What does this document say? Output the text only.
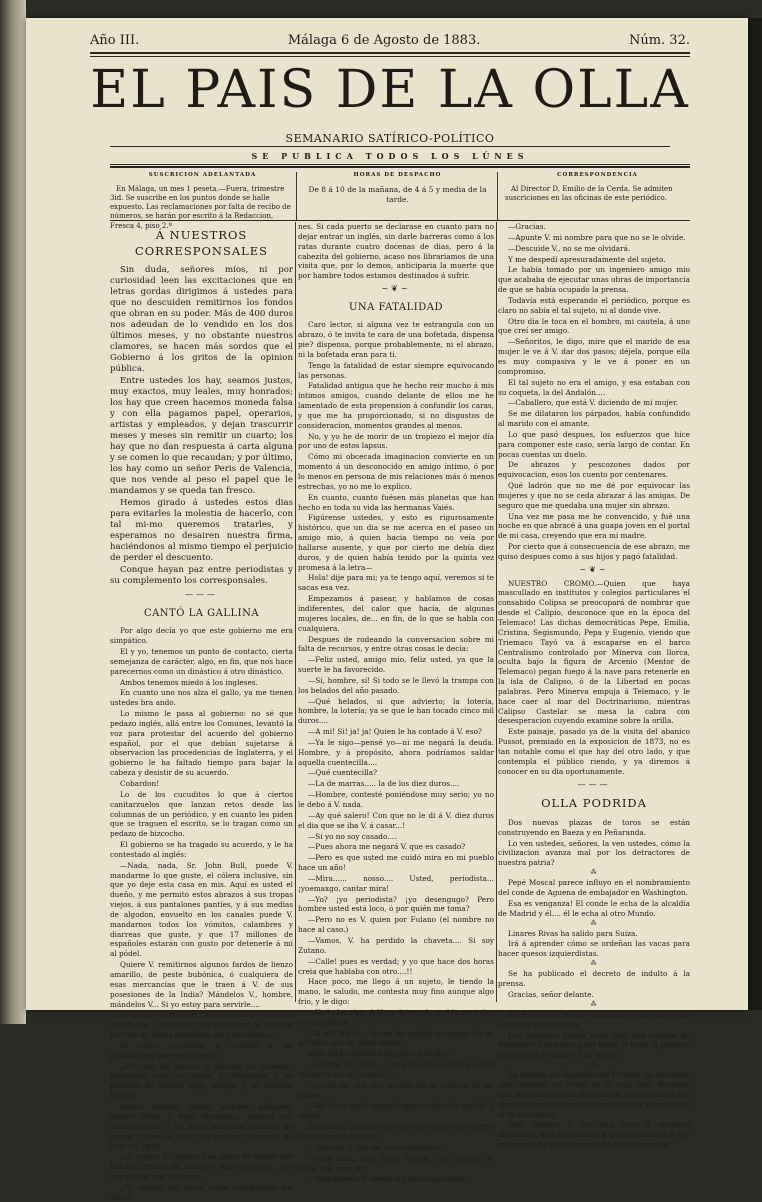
Año III.	Málaga 6 de Agosto de 1883.	Núm. 32.
EL PAIS DE LA OLLA
SEMANARIO SATÍRICO-POLÍTICO
SE PUBLICA TODOS LOS LÚNES
SUSCRICION ADELANTADA

En Málaga, un mes 1 peseta.—Fuera, trimestre 3id. Se suscribe en los puntos donde se halle expuesto. Las reclamaciones por falta de recibo de números, se harán por escrito á la Redaccion, Fresca 4, piso 2.º

HORAS DE DESPACHO

De 8 á 10 de la mañana, de 4 á 5 y media de la tarde.

CORRESPONDENCIA

Al Director D. Emilio de la Cerda. Se admiten suscriciones en las oficinas de este periódico.

Á NUESTROS CORRESPONSALES

Sin duda, señores míos, ni por curiosidad leen las excitaciones que en letras gordas dirigimos á ustedes para que no descuiden remitirnos los fondos que obran en su poder. Más de 400 duros nos adeudan de lo vendido en los dos últimos meses, y no obstante nuestros clamores, se hacen más sordos que el Gobierno á los gritos de la opinion pública.

Entre ustedes los hay, seamos justos, muy exactos, muy leales, muy honrados; los hay que creen hacemos moneda falsa y con ella pagamos papel, operarios, artistas y empleados, y dejan trascurrir meses y meses sin remitir un cuarto; los hay que no dan respuesta á carta alguna y se comen lo que recaudan; y por último, los hay como un señor Peris de Valencia, que nos vende al peso el papel que le mandamos y se queda tan fresco.

Hemos girado á ustedes estos dias para evitarles la molestia de hacerlo, con tal mi-mo queremos tratarles, y esperamos no desairen nuestra firma, haciéndonos al mismo tiempo el perjuicio de perder el descuento.

Conque hayan paz entre periodistas y su complemento los corresponsales.

———
CANTÓ LA GALLINA

Por algo decía yo que este gobierno me era simpático.

El y yo, tenemos un punto de contacto, cierta semejanza de carácter, algo, en fin, que nos hace parecernos como un dinástico á otro dinástico.

Ambos tenemos miedo á los ingleses.

En cuanto uno nos alza el gallo, ya me tienen ustedes bra ando.

Lo mismo le pasa al gobierno: no sé que pedazo inglés, allá entre los Comunes, levantó la voz para protestar del acuerdo del gobierno español, por el que debían sujetarse á observacion las procedencias de Inglaterra, y el gobierno le ha faltado tiempo para bajar la cabeza y desistir de su acuerdo.

Cobardon!

Lo de los cucuditos lo que á ciertos canitarzuelos que lanzan retos desde las columnas de un periódico, y en cuanto les piden que se traguen el escrito, se lo tragan como un pedazo de bizcocho.

El gobierno se ha tragado su acuerdo, y le ha contestado al inglés:

—Nada, nada, Sr. John Bull, puede V. mandarme lo que guste, el cólera inclusive, sin que yo deje esta casa en mis. Aquí es usted el dueño, y me permito estos abrazos á sus tropas viejos, á sus pantalones pantíes, y á sus medias de algodon, envuelto en los canales puede V. mandarnos todos los vómitos, calambres y diarreas que guste, y que 17 millones de españoles estarán con gusto por detenerle á mi al pódel.

Quiere V. remitirnos algunos fardos de lienzo amarillo, de peste bubónica, ó cualquiera de esas mercancías que le traen á V. de sus posesiones de la India? Mándelos V., hombre, mándelos V... Si yo estoy para servirle....

Y quien esto dice, acaso añada en nota reservada: —Con todo eso mándeme V. algunos tiercios de libras esterlinas para ayudarme....

Si señor, ayudarme á auxiliar á las poblaciones que voy á perder.

¿Es? que les parece á ustedes su gobierno fusionista, con su señor D. Práxedes y su ministro de Estado Vega Armijo, y su valiente Rocco?

Anden ustedes, anden ustedes, aplíquen, denles votos á esos diputados, apoyen sus candidaturas, y de seso crecemos ustedes de lenzos y dientes hacer sin repicar! Desquite de todo es. ¡qué!

Les regalo á ustedes una pieza de salero por familia, traída de Londres expresamente, con que es hoy que quejarse.

¿Vé usted? En estos casos comprendo los canto-

nes. Si cada puerto se declarase en cuanto para no dejar entrar un inglés, sin darle barreras como á los ratas durante cuatro docenas de dias, pero á la cabezita del gobierno, acaso nos librariamos de una visita que, por lo demos, anticiparia la muerte que por hambre todos estamos destinados á sufrir.

~❦~
UNA FATALIDAD

Caro lector, si alguna vez te estrangula con un abrazo, ó te invita te cara de una bofetada, dispensa pie? dispensa, porque probablemente, ni el abrazo, ni la bofetada eran para ti.

Tengo la fatalidad de estar siempre equivocando las personas.

Fatalidad antigua que he hecho reir mucho á mis íntimos amigos, cuando delante de ellos me he lamentado de esta propension á confundir los caras, y que me ha proporcionado, si no disgustos de consideracion, momentos grandes al menos.

No, y yo he de morir de un tropiezo el mejor día por uno de estos lapsus.

Cómo mi obcecada imaginacion convierte en un momento á un desconocido en amigo íntimo, ó por lo menos en persona de mis relaciones más ó menos estrechas, yo no me lo explico.

En cuanto, cuanto fuésen más planetas que han hecho en toda su vida las hermanas Vaiés.

Figúrense ustedes, y esto es rigurosamente histórico, que un dia se me acerca en el paseo un amigo mio, á quien hacia tiempo no veía por hallarse ausente, y que por cierto me debía diez duros, y de quien había tenido por la quinta vez promesa á la letra—

Hola! dije para mi; ya te tengo aquí, veremos si te sacas esa vez.

Empezamos á pasear, y hablamos de cosas indiferentes, del calor que hacía, de algunas mujeres locales, de... en fin, de lo que se habla con cualquiera.

Despues de rodeando la conversacion sobre mi falta de recursos, y entre otras cosas le decía:

—Feliz usted, amigo mio, feliz usted, ya que la suerte le ha favorecido.

—Sí, hombre, sí! Si todo se le llevó la trampa con los belados del año pasado.

—Qué helados, si que advierto; la lotería, hombre, la lotería; ya se que le han tocado cinco mil duros....

—A mi! Si! ja! ja! Quien le ha contado á V. eso?

—Ya le sigo—pensé yo—ni me negará la deuda. Hombre, y á propósito, ahora podríamos saldar aquella cuentecilla....

—Qué cuentecilla?

—La de marras..... la de los diez duros....

—Hombre, contesté poniéndose muy serio; yo no le debo á V. nada.

—Ay qué salero! Con que no le di á V. diez duros el dia que se iba V. á casar...!

—Si yo no soy casado....

—Pues ahora me negará V. que es casado?

—Pero es que usted me cuidó mira en mi pueblo hace un año!

—Mira...... nosso.... Usted, periodista...¡yoemaxgo, cantar mira!

—Yo? ¡yo periodista? ¡yo desengugo? Pero hombre usted está loco, ó por quién me toma?

—Pero no es V. quien por Fulano (el nombre no hace al caso.)

—Vamos, V. ha perdido la chaveta.... Si soy Zutano.

—Calle! pues es verdad; y yo que hace dos horas creia que hablaba con otro....!!

Hace poco, me llego á un sujeto, le tiendo la mano, le saludo, me contesta muy fino aunque algo frio, y le digo:

—Ya le he visto á V. en letras de molde en todos los periódicos....

—A mi! No sé... Quien ha podido ocuparse de mi persona que en nada figura?

Ante esta respuesta empiezo á vacilar.

—Aborta no caigo..... pero que le he visto á usted citado en no sé cuántas....

—Como no sea con motivo de la muerte de mi padre....

—Ay! Dios mio!—pensé—quien será este señor? Y añadí:

En efecto, creo que fué con ese motivo, por cierto que lo sentí bastante.

—Gracias. Y qué tal va ese periódico?

—May bien, muy bien. Vamos, me conoce de vista, dije para mi.

—Mándemelo V. desde el número próximo.

—Gracias.

—Apunte V. mi nombre para que no se le olvide.

—Descuide V., no se me olvidará.

Y me despedí apresuradamente del sujeto.

Le había tomado por un ingeniero amigo mio que acababa de ejecutar unas obras de importancia de que se había ocupado la prensa.

Todavía está esperando el periódico, porque es claro no sabía el tal sujeto, ni al donde vive.

Otro dia le toca en el hombro, mi cautela, á uno que creí ser amigo.

—Señoritos, le digo, mire que el marido de esa mujer le ve á V. dar dos pasos; déjela, porque ella es muy compasiva y le ve á poner en un compromiso.

El tal sujeto no era el amigo, y esa estaban con su coqueta, la del Andalón....

—Caballero, que está V. diciendo de mi mujer.

Se me dilataron los párpados, había confundido al marido con el amante.

Lo que pasó despues, los esfuerzos que hice para componer este caso, sería largo de contar. En pocas cuentas un duelo.

De abrazos y pescozones dados por equivocacion, esos los cuento por centenares.

Qué ladrón que no me dé por equivocar las mujeres y que no se ceda abrazar á las amigas. De seguro que me quedaba una mujer sin abrazo.

Una vez me pasa me he convencido, y fué una noche en que abracé á una guapa joven en el portal de mi casa, creyendo que era mi madre.

Por cierto que á consecuencia de ese abrazo, me quiso despues como á sus hijos y pagó fatalidad.

~❦~

NUESTRO CROMO.—Quien que haya mascullado en institutos y colegios particulares el consabido Colipsa se preocupará de nombrar que desde el Calipio, desconoce que en la época del Telemaco! Las dichas democráticas Pepe, Emilia, Cristina, Segismundo, Pepa y Eugenio, viendo que Triemaco Tayó va á escaparse en el barco Centralismo controlado por Minerva con llorca, oculta bajo la figura de Arcenio (Mentor de Telemaco) pegan fuego á la nave para retenerle en la isla de Calipso, ó de la Libertad en pocas palabras. Pero Minerva empuja á Telemaco, y le hace caer al mar del Doctrinarismo, mientras Calipso Castelar se mesa la cabra con desesperacion cuyendo examine sobre la orilla.

Este paisaje, pasado ya de la visita del abanico Pussot, premiado en la exposicion de 1873, no es tan notable como el que hay del otro lado, y que contempla el público riendo, y ya diremos á conocer en su dia oportunamente.

———
OLLA PODRIDA

Dos nuevas plazas de toros se están construyendo en Baeza y en Peñaranda.

Lo ven ustedes, señores, la ven ustedes, cómo la civilizacion avanza mal por los detractores de nuestra patria?

⁂

Pepé Moscal parece influyo en el nombramiento del conde de Aguena de embajador en Washington.

Esa es venganza! El conde le echa de la alcaldía de Madrid y él.... él le echa al otro Mundo.

⁂

Linares Rivas ha salido para Suiza.

Irá á aprender cómo se ordeñan las vacas para hacer quesos izquierdistas.

⁂

Se ha publicado el decreto de indulto á la prensa.

Gracias, señor delante.

⁂

En Barcelona se ha constituido una junta para combatir la blasfemia.

Los mestizos llevan cada uno una cabeza de hormigos! hidráulico para tapar la boca al primero que mienta la madre á su vecino.

⁂

La cámara de diputados de Francia ha aprobado una comision en virtud de la cual, todo diputado que sea consejero de ferro-carril, se entenderá que dimite el cargo cometido por la mision, si no dimite el de consejero.

Para simular V. en esta casa á nuestros diputados, que lo primero á que aspiran es á ser miembros de algun consejo de administracion.
